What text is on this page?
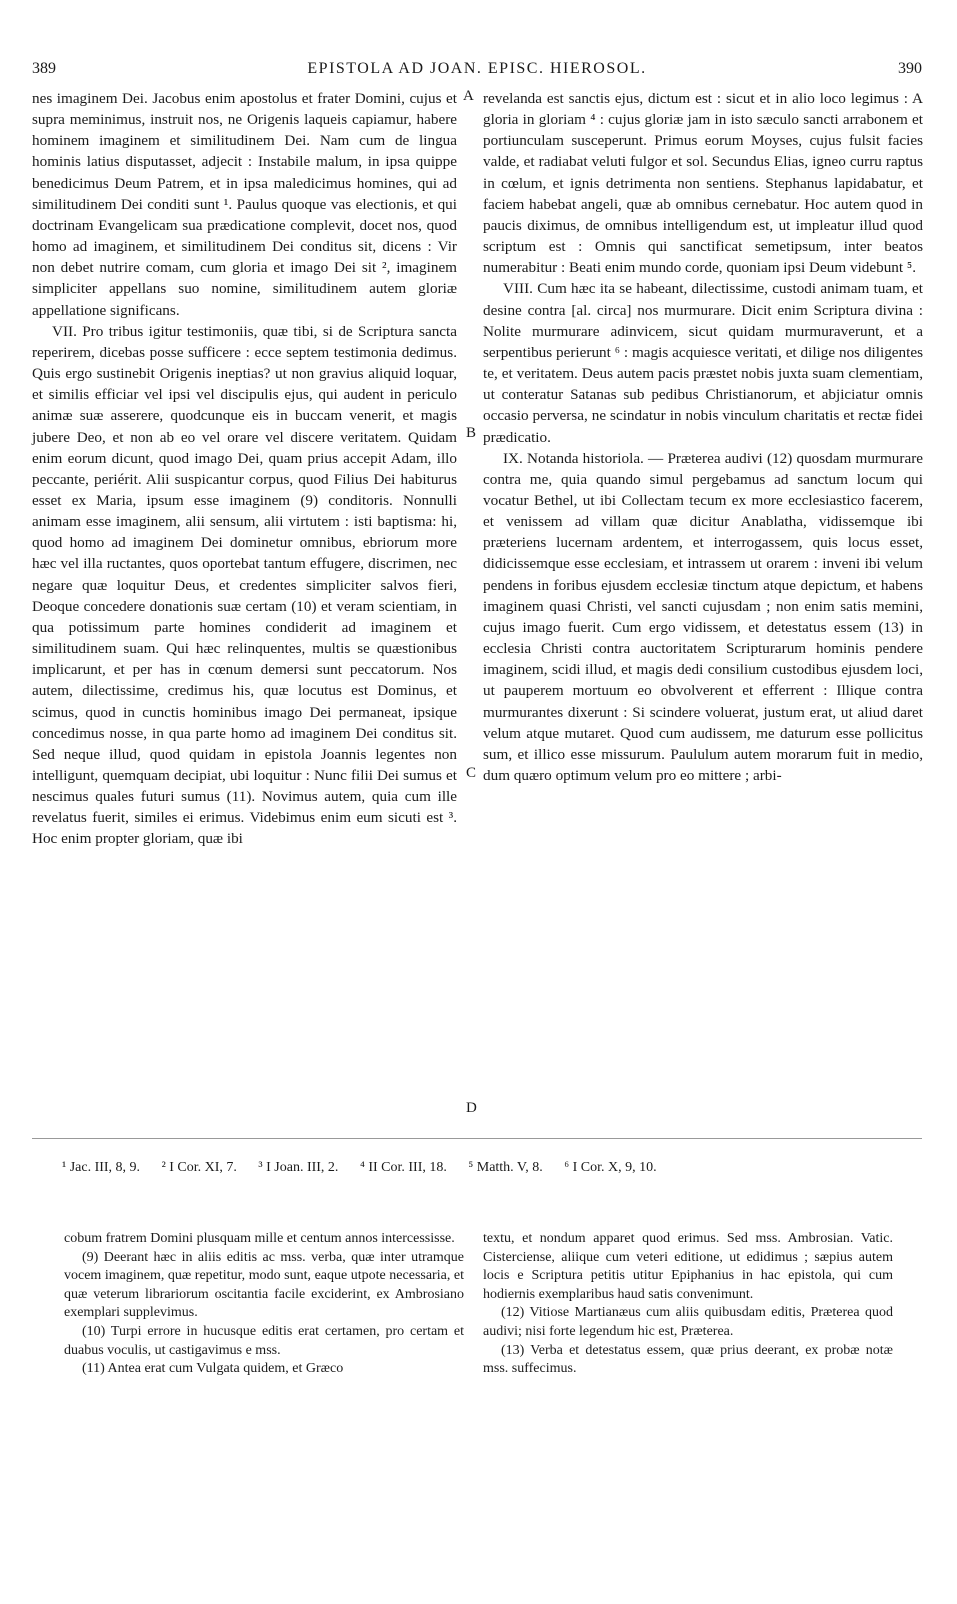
389	EPISTOLA AD JOAN. EPISC. HIEROSOL.	390

nes imaginem Dei. Jacobus enim apostolus et frater Domini, cujus et supra meminimus, instruit nos, ne Origenis laqueis capiamur, habere hominem imaginem et similitudinem Dei. Nam cum de lingua hominis latius disputasset, adjecit : Instabile malum, in ipsa quippe benedicimus Deum Patrem, et in ipsa maledicimus homines, qui ad similitudinem Dei conditi sunt ¹. Paulus quoque vas electionis, et qui doctrinam Evangelicam sua prædicatione complevit, docet nos, quod homo ad imaginem, et similitudinem Dei conditus sit, dicens : Vir non debet nutrire comam, cum gloria et imago Dei sit ², imaginem simpliciter appellans suo nomine, similitudinem autem gloriæ appellatione significans.

VII. Pro tribus igitur testimoniis, quæ tibi, si de Scriptura sancta reperirem, dicebas posse sufficere : ecce septem testimonia dedimus. Quis ergo sustinebit Origenis ineptias? ut non gravius aliquid loquar, et similis efficiar vel ipsi vel discipulis ejus, qui audent in periculo animæ suæ asserere, quodcunque eis in buccam venerit, et magis jubere Deo, et non ab eo vel orare vel discere veritatem. Quidam enim eorum dicunt, quod imago Dei, quam prius accepit Adam, illo peccante, periérit. Alii suspicantur corpus, quod Filius Dei habiturus esset ex Maria, ipsum esse imaginem (9) conditoris. Nonnulli animam esse imaginem, alii sensum, alii virtutem : isti baptisma: hi, quod homo ad imaginem Dei dominetur omnibus, ebriorum more hæc vel illa ructantes, quos oportebat tantum effugere, discrimen, nec negare quæ loquitur Deus, et credentes simpliciter salvos fieri, Deoque concedere donationis suæ certam (10) et veram scientiam, in qua potissimum parte homines condiderit ad imaginem et similitudinem suam. Qui hæc relinquentes, multis se quæstionibus implicarunt, et per has in cœnum demersi sunt peccatorum. Nos autem, dilectissime, credimus his, quæ locutus est Dominus, et scimus, quod in cunctis hominibus imago Dei permaneat, ipsique concedimus nosse, in qua parte homo ad imaginem Dei conditus sit. Sed neque illud, quod quidam in epistola Joannis legentes non intelligunt, quemquam decipiat, ubi loquitur : Nunc filii Dei sumus et nescimus quales futuri sumus (11). Novimus autem, quia cum ille revelatus fuerit, similes ei erimus. Videbimus enim eum sicuti est ³. Hoc enim propter gloriam, quæ ibi

revelanda est sanctis ejus, dictum est : sicut et in alio loco legimus : A gloria in gloriam ⁴ : cujus gloriæ jam in isto sæculo sancti arrabonem et portiunculam susceperunt. Primus eorum Moyses, cujus fulsit facies valde, et radiabat veluti fulgor et sol. Secundus Elias, igneo curru raptus in cœlum, et ignis detrimenta non sentiens. Stephanus lapidabatur, et faciem habebat angeli, quæ ab omnibus cernebatur. Hoc autem quod in paucis diximus, de omnibus intelligendum est, ut impleatur illud quod scriptum est : Omnis qui sanctificat semetipsum, inter beatos numerabitur : Beati enim mundo corde, quoniam ipsi Deum videbunt ⁵.

VIII. Cum hæc ita se habeant, dilectissime, custodi animam tuam, et desine contra [al. circa] nos murmurare. Dicit enim Scriptura divina : Nolite murmurare adinvicem, sicut quidam murmuraverunt, et a serpentibus perierunt ⁶ : magis acquiesce veritati, et dilige nos diligentes te, et veritatem. Deus autem pacis præstet nobis juxta suam clementiam, ut conteratur Satanas sub pedibus Christianorum, et abjiciatur omnis occasio perversa, ne scindatur in nobis vinculum charitatis et rectæ fidei prædicatio.

IX. Notanda historiola. — Præterea audivi (12) quosdam murmurare contra me, quia quando simul pergebamus ad sanctum locum qui vocatur Bethel, ut ibi Collectam tecum ex more ecclesiastico facerem, et venissem ad villam quæ dicitur Anablatha, vidissemque ibi præteriens lucernam ardentem, et interrogassem, quis locus esset, didicissemque esse ecclesiam, et intrassem ut orarem : inveni ibi velum pendens in foribus ejusdem ecclesiæ tinctum atque depictum, et habens imaginem quasi Christi, vel sancti cujusdam ; non enim satis memini, cujus imago fuerit. Cum ergo vidissem, et detestatus essem (13) in ecclesia Christi contra auctoritatem Scripturarum hominis pendere imaginem, scidi illud, et magis dedi consilium custodibus ejusdem loci, ut pauperem mortuum eo obvolverent et efferrent : Illique contra murmurantes dixerunt : Si scindere voluerat, justum erat, ut aliud daret velum atque mutaret. Quod cum audissem, me daturum esse pollicitus sum, et illico esse missurum. Paululum autem morarum fuit in medio, dum quæro optimum velum pro eo mittere ; arbi-

A
B
C
D
¹ Jac. III, 8, 9. ² I Cor. XI, 7. ³ I Joan. III, 2. ⁴ II Cor. III, 18. ⁵ Matth. V, 8. ⁶ I Cor. X, 9, 10.

cobum fratrem Domini plusquam mille et centum annos intercessisse.

(9) Deerant hæc in aliis editis ac mss. verba, quæ inter utramque vocem imaginem, quæ repetitur, modo sunt, eaque utpote necessaria, et quæ veterum librariorum oscitantia facile exciderint, ex Ambrosiano exemplari supplevimus.

(10) Turpi errore in hucusque editis erat certamen, pro certam et duabus voculis, ut castigavimus e mss.

(11) Antea erat cum Vulgata quidem, et Græco

textu, et nondum apparet quod erimus. Sed mss. Ambrosian. Vatic. Cisterciense, aliique cum veteri editione, ut edidimus ; sæpius autem locis e Scriptura petitis utitur Epiphanius in hac epistola, qui cum hodiernis exemplaribus haud satis convenimunt.

(12) Vitiose Martianæus cum aliis quibusdam editis, Præterea quod audivi; nisi forte legendum hic est, Præterea.

(13) Verba et detestatus essem, quæ prius deerant, ex probæ notæ mss. suffecimus.
